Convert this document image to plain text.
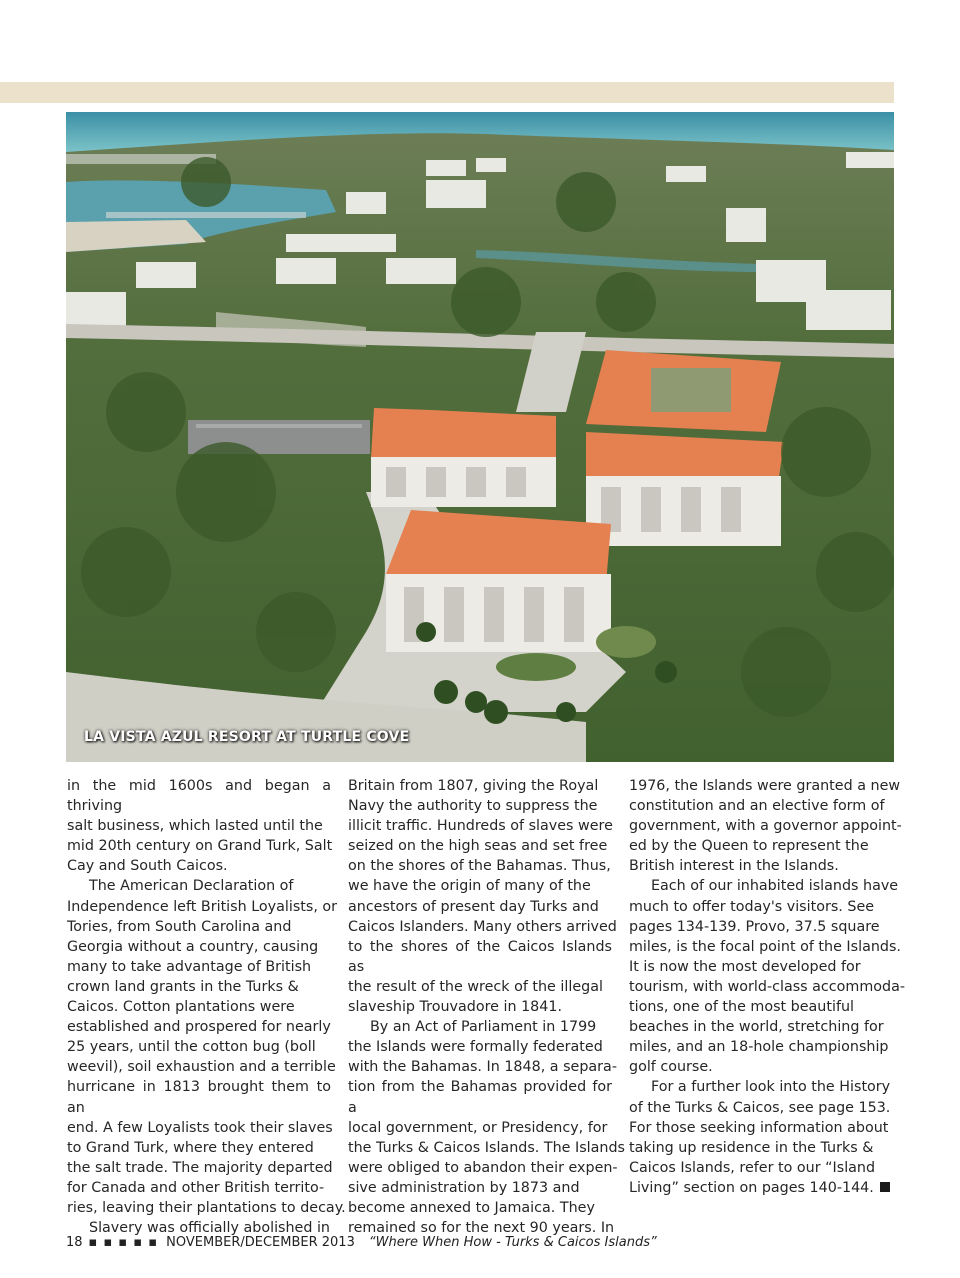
LA VISTA AZUL RESORT AT TURTLE COVE
in the mid 1600s and began a thriving
salt business, which lasted until the
mid 20th century on Grand Turk, Salt
Cay and South Caicos.
The American Declaration of
Independence left British Loyalists, or
Tories, from South Carolina and
Georgia without a country, causing
many to take advantage of British
crown land grants in the Turks &
Caicos. Cotton plantations were
established and prospered for nearly
25 years, until the cotton bug (boll
weevil), soil exhaustion and a terrible
hurricane in 1813 brought them to an
end. A few Loyalists took their slaves
to Grand Turk, where they entered
the salt trade. The majority departed
for Canada and other British territo-
ries, leaving their plantations to decay.
Slavery was officially abolished in
Britain from 1807, giving the Royal
Navy the authority to suppress the
illicit traffic. Hundreds of slaves were
seized on the high seas and set free
on the shores of the Bahamas. Thus,
we have the origin of many of the
ancestors of present day Turks and
Caicos Islanders. Many others arrived
to the shores of the Caicos Islands as
the result of the wreck of the illegal
slaveship Trouvadore in 1841.
By an Act of Parliament in 1799
the Islands were formally federated
with the Bahamas. In 1848, a separa-
tion from the Bahamas provided for a
local government, or Presidency, for
the Turks & Caicos Islands. The Islands
were obliged to abandon their expen-
sive administration by 1873 and
become annexed to Jamaica. They
remained so for the next 90 years. In
1976, the Islands were granted a new
constitution and an elective form of
government, with a governor appoint-
ed by the Queen to represent the
British interest in the Islands.
Each of our inhabited islands have
much to offer today's visitors. See
pages 134-139. Provo, 37.5 square
miles, is the focal point of the Islands.
It is now the most developed for
tourism, with world-class accommoda-
tions, one of the most beautiful
beaches in the world, stretching for
miles, and an 18-hole championship
golf course.
For a further look into the History
of the Turks & Caicos, see page 153.
For those seeking information about
taking up residence in the Turks &
Caicos Islands, refer to our “Island
Living” section on pages 140-144.
18 ▪ ▪ ▪ ▪ ▪ NOVEMBER/DECEMBER 2013 “Where When How - Turks & Caicos Islands”
